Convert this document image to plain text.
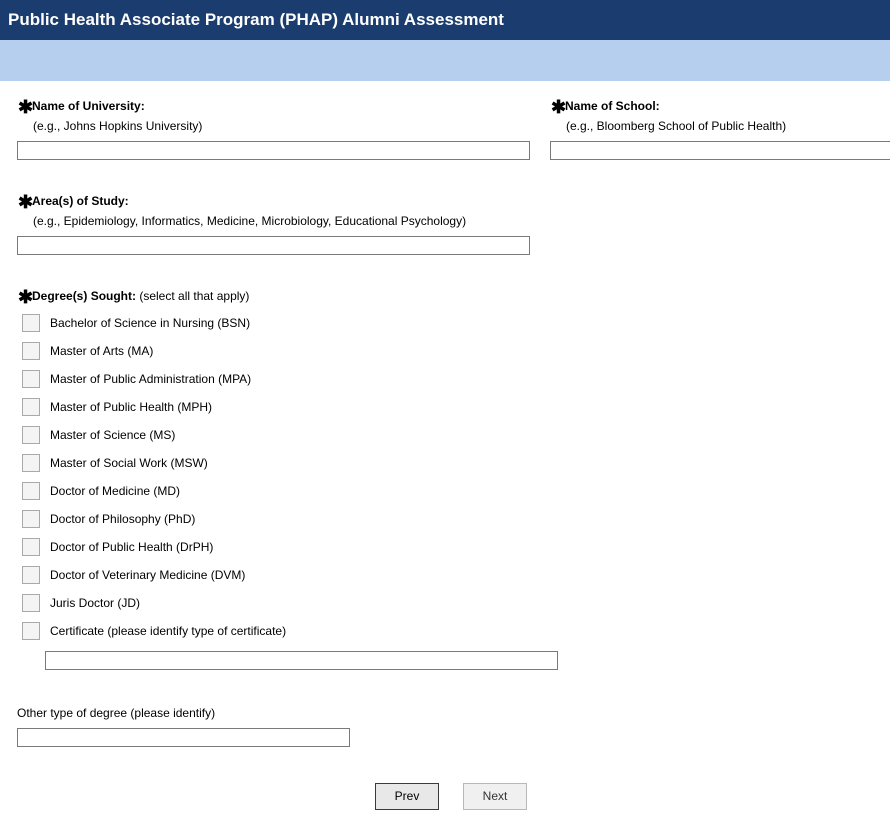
Public Health Associate Program (PHAP) Alumni Assessment
✱Name of University:
(e.g., Johns Hopkins University)
✱Name of School:
(e.g., Bloomberg School of Public Health)
✱Area(s) of Study:
(e.g., Epidemiology, Informatics, Medicine, Microbiology, Educational Psychology)
✱Degree(s) Sought: (select all that apply)
Bachelor of Science in Nursing (BSN)
Master of Arts (MA)
Master of Public Administration (MPA)
Master of Public Health (MPH)
Master of Science (MS)
Master of Social Work (MSW)
Doctor of Medicine (MD)
Doctor of Philosophy (PhD)
Doctor of Public Health (DrPH)
Doctor of Veterinary Medicine (DVM)
Juris Doctor (JD)
Certificate (please identify type of certificate)
Other type of degree (please identify)
Prev	Next
